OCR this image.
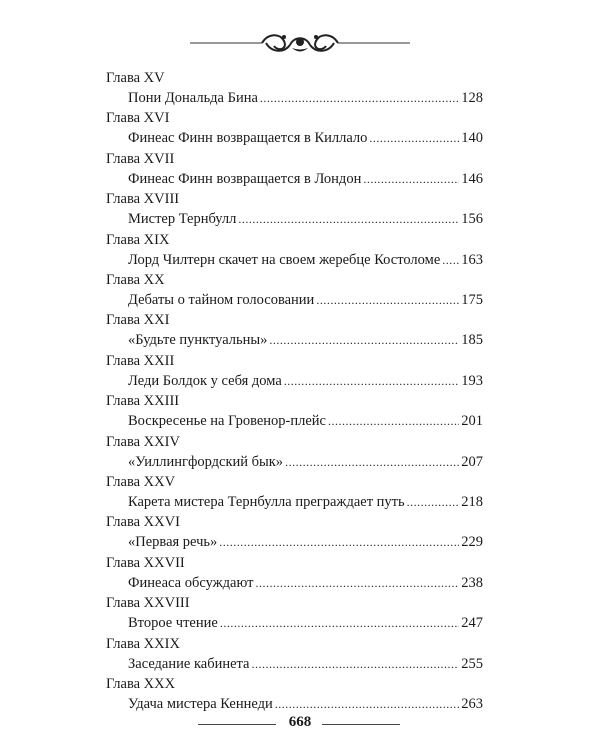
Глава XV
Пони Дональда Бина .....	128
Глава XVI
Финеас Финн возвращается в Киллало .....	140
Глава XVII
Финеас Финн возвращается в Лондон .....	146
Глава XVIII
Мистер Тернбулл .....	156
Глава XIX
Лорд Чилтерн скачет на своем жеребце Костоломе ..... 163
Глава XX
Дебаты о тайном голосовании .....	175
Глава XXI
«Будьте пунктуальны» .....	185
Глава XXII
Леди Болдок у себя дома .....	193
Глава XXIII
Воскресенье на Гровенор-плейс .....	201
Глава XXIV
«Уиллингфордский бык» .....	207
Глава XXV
Карета мистера Тернбулла преграждает путь .....	218
Глава XXVI
«Первая речь» .....	229
Глава XXVII
Финеаса обсуждают .....	238
Глава XXVIII
Второе чтение .....	247
Глава XXIX
Заседание кабинета .....	255
Глава XXX
Удача мистера Кеннеди .....	263
668
